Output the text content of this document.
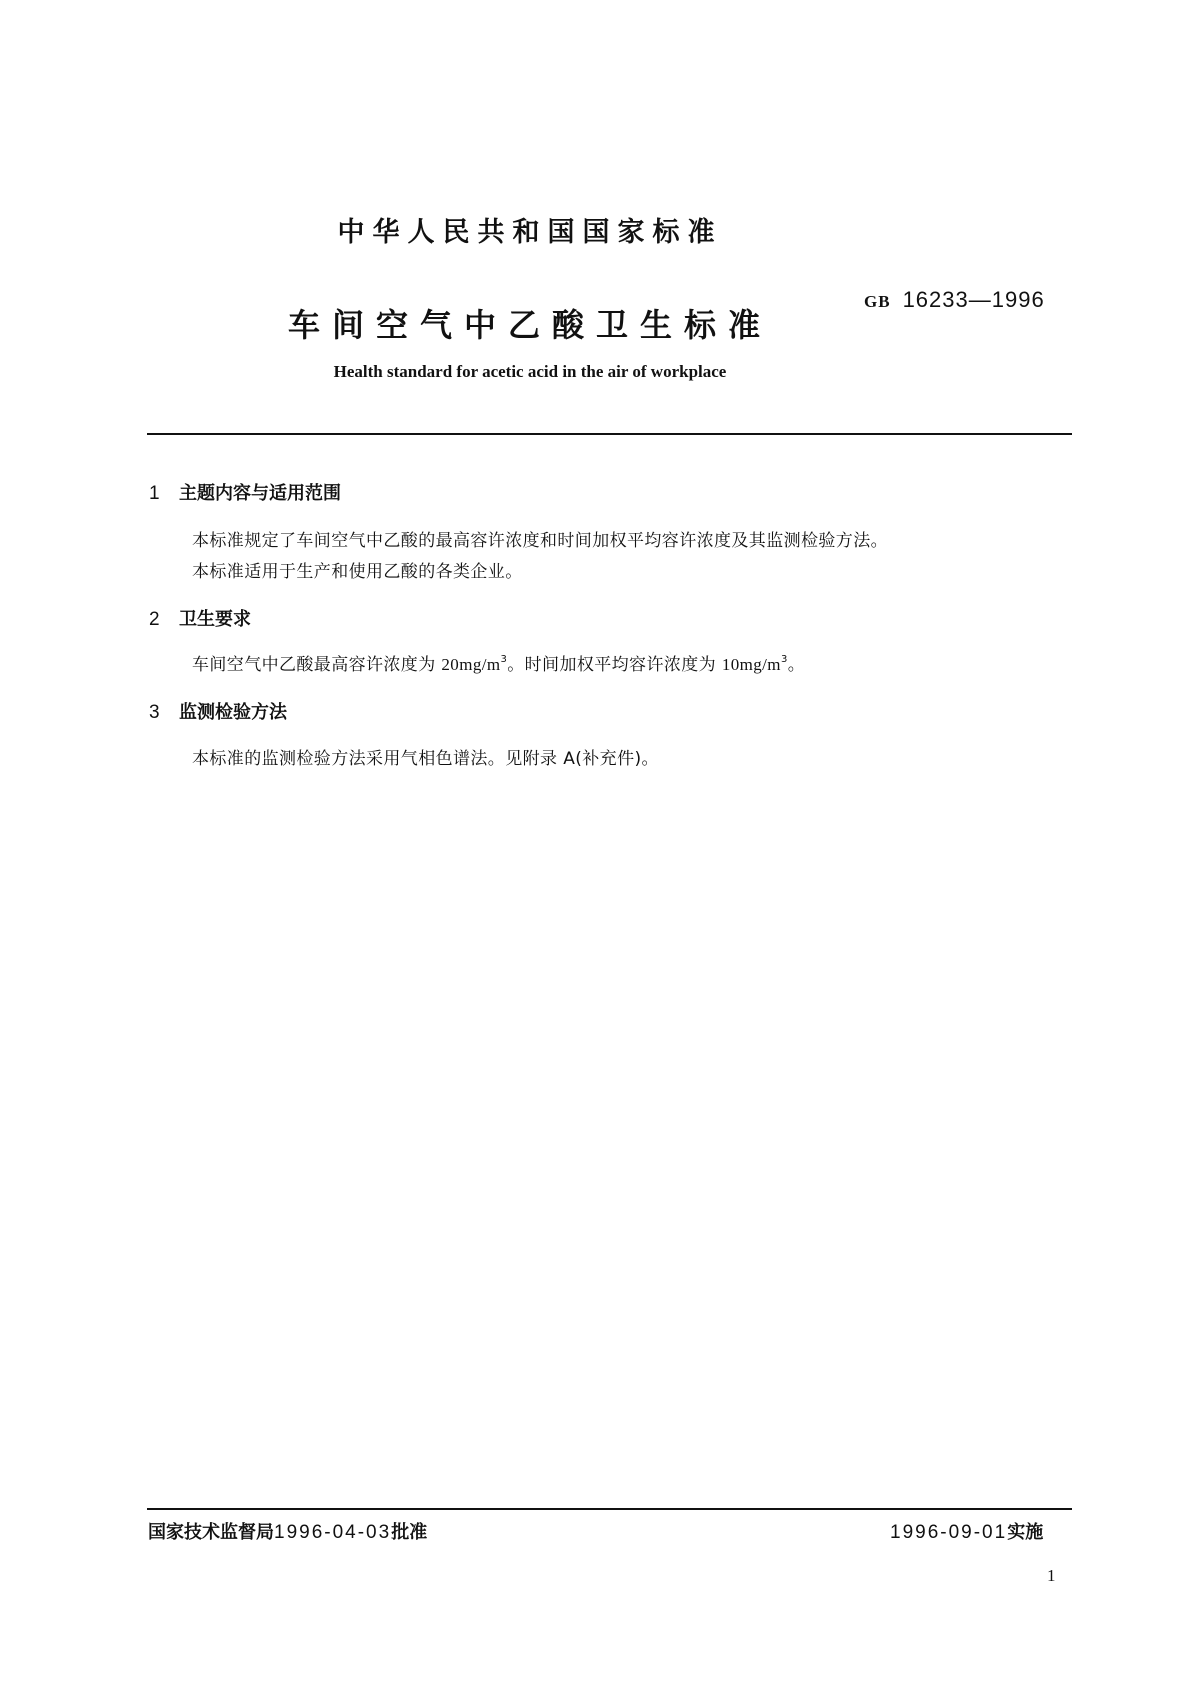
中华人民共和国国家标准
车间空气中乙酸卫生标准
GB 16233—1996
Health standard for acetic acid in the air of workplace
1 主题内容与适用范围
本标准规定了车间空气中乙酸的最高容许浓度和时间加权平均容许浓度及其监测检验方法。
本标准适用于生产和使用乙酸的各类企业。
2 卫生要求
车间空气中乙酸最高容许浓度为 $20mg/m^3$。时间加权平均容许浓度为 $10mg/m^3$。
3 监测检验方法
本标准的监测检验方法采用气相色谱法。见附录 A(补充件)。
国家技术监督局1996-04-03批准	1996-09-01实施
1
